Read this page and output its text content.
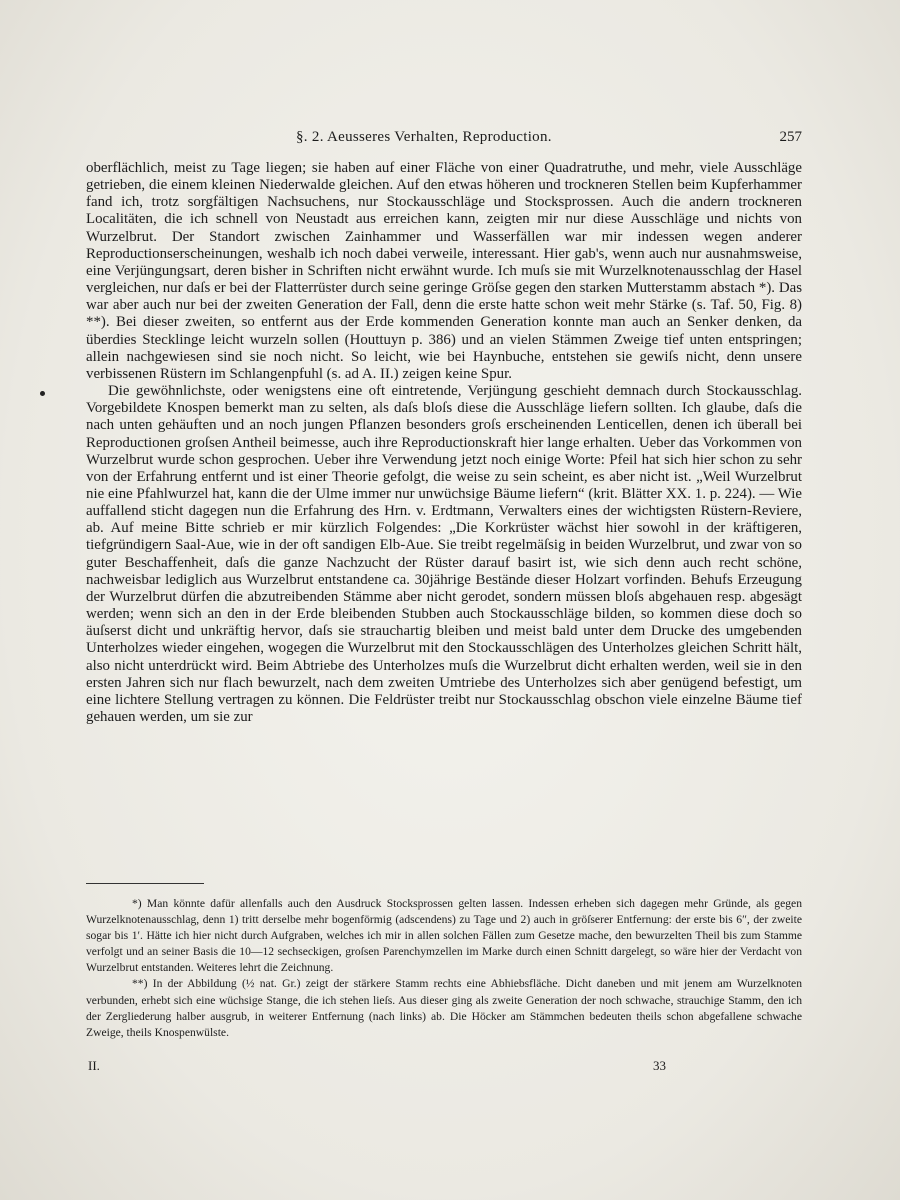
§. 2. Aeusseres Verhalten, Reproduction.	257

oberflächlich, meist zu Tage liegen; sie haben auf einer Fläche von einer Quadratruthe, und mehr, viele Ausschläge getrieben, die einem kleinen Niederwalde gleichen. Auf den etwas höheren und trockneren Stellen beim Kupferhammer fand ich, trotz sorgfältigen Nachsuchens, nur Stockausschläge und Stocksprossen. Auch die andern trockneren Localitäten, die ich schnell von Neustadt aus erreichen kann, zeigten mir nur diese Ausschläge und nichts von Wurzelbrut. Der Standort zwischen Zainhammer und Wasserfällen war mir indessen wegen anderer Reproductionserscheinungen, weshalb ich noch dabei verweile, interessant. Hier gab's, wenn auch nur ausnahmsweise, eine Verjüngungsart, deren bisher in Schriften nicht erwähnt wurde. Ich muſs sie mit Wurzelknotenausschlag der Hasel vergleichen, nur daſs er bei der Flatterrüster durch seine geringe Gröſse gegen den starken Mutterstamm abstach *). Das war aber auch nur bei der zweiten Generation der Fall, denn die erste hatte schon weit mehr Stärke (s. Taf. 50, Fig. 8) **). Bei dieser zweiten, so entfernt aus der Erde kommenden Generation konnte man auch an Senker denken, da überdies Stecklinge leicht wurzeln sollen (Houttuyn p. 386) und an vielen Stämmen Zweige tief unten entspringen; allein nachgewiesen sind sie noch nicht. So leicht, wie bei Haynbuche, entstehen sie gewiſs nicht, denn unsere verbissenen Rüstern im Schlangenpfuhl (s. ad A. II.) zeigen keine Spur.

Die gewöhnlichste, oder wenigstens eine oft eintretende, Verjüngung geschieht demnach durch Stockausschlag. Vorgebildete Knospen bemerkt man zu selten, als daſs bloſs diese die Ausschläge liefern sollten. Ich glaube, daſs die nach unten gehäuften und an noch jungen Pflanzen besonders groſs erscheinenden Lenticellen, denen ich überall bei Reproductionen groſsen Antheil beimesse, auch ihre Reproductionskraft hier lange erhalten. Ueber das Vorkommen von Wurzelbrut wurde schon gesprochen. Ueber ihre Verwendung jetzt noch einige Worte: Pfeil hat sich hier schon zu sehr von der Erfahrung entfernt und ist einer Theorie gefolgt, die weise zu sein scheint, es aber nicht ist. „Weil Wurzelbrut nie eine Pfahlwurzel hat, kann die der Ulme immer nur unwüchsige Bäume liefern“ (krit. Blätter XX. 1. p. 224). — Wie auffallend sticht dagegen nun die Erfahrung des Hrn. v. Erdtmann, Verwalters eines der wichtigsten Rüstern-Reviere, ab. Auf meine Bitte schrieb er mir kürzlich Folgendes: „Die Korkrüster wächst hier sowohl in der kräftigeren, tiefgründigern Saal-Aue, wie in der oft sandigen Elb-Aue. Sie treibt regelmäſsig in beiden Wurzelbrut, und zwar von so guter Beschaffenheit, daſs die ganze Nachzucht der Rüster darauf basirt ist, wie sich denn auch recht schöne, nachweisbar lediglich aus Wurzelbrut entstandene ca. 30jährige Bestände dieser Holzart vorfinden. Behufs Erzeugung der Wurzelbrut dürfen die abzutreibenden Stämme aber nicht gerodet, sondern müssen bloſs abgehauen resp. abgesägt werden; wenn sich an den in der Erde bleibenden Stubben auch Stockausschläge bilden, so kommen diese doch so äuſserst dicht und unkräftig hervor, daſs sie strauchartig bleiben und meist bald unter dem Drucke des umgebenden Unterholzes wieder eingehen, wogegen die Wurzelbrut mit den Stockausschlägen des Unterholzes gleichen Schritt hält, also nicht unterdrückt wird. Beim Abtriebe des Unterholzes muſs die Wurzelbrut dicht erhalten werden, weil sie in den ersten Jahren sich nur flach bewurzelt, nach dem zweiten Umtriebe des Unterholzes sich aber genügend befestigt, um eine lichtere Stellung vertragen zu können. Die Feldrüster treibt nur Stockausschlag obschon viele einzelne Bäume tief gehauen werden, um sie zur

*) Man könnte dafür allenfalls auch den Ausdruck Stocksprossen gelten lassen. Indessen erheben sich dagegen mehr Gründe, als gegen Wurzelknotenausschlag, denn 1) tritt derselbe mehr bogenförmig (adscendens) zu Tage und 2) auch in gröſserer Entfernung: der erste bis 6″, der zweite sogar bis 1′. Hätte ich hier nicht durch Aufgraben, welches ich mir in allen solchen Fällen zum Gesetze mache, den bewurzelten Theil bis zum Stamme verfolgt und an seiner Basis die 10—12 sechseckigen, groſsen Parenchymzellen im Marke durch einen Schnitt dargelegt, so wäre hier der Verdacht von Wurzelbrut entstanden. Weiteres lehrt die Zeichnung.

**) In der Abbildung (½ nat. Gr.) zeigt der stärkere Stamm rechts eine Abhiebsfläche. Dicht daneben und mit jenem am Wurzelknoten verbunden, erhebt sich eine wüchsige Stange, die ich stehen lieſs. Aus dieser ging als zweite Generation der noch schwache, strauchige Stamm, den ich der Zergliederung halber ausgrub, in weiterer Entfernung (nach links) ab. Die Höcker am Stämmchen bedeuten theils schon abgefallene schwache Zweige, theils Knospenwülste.

II.	33
